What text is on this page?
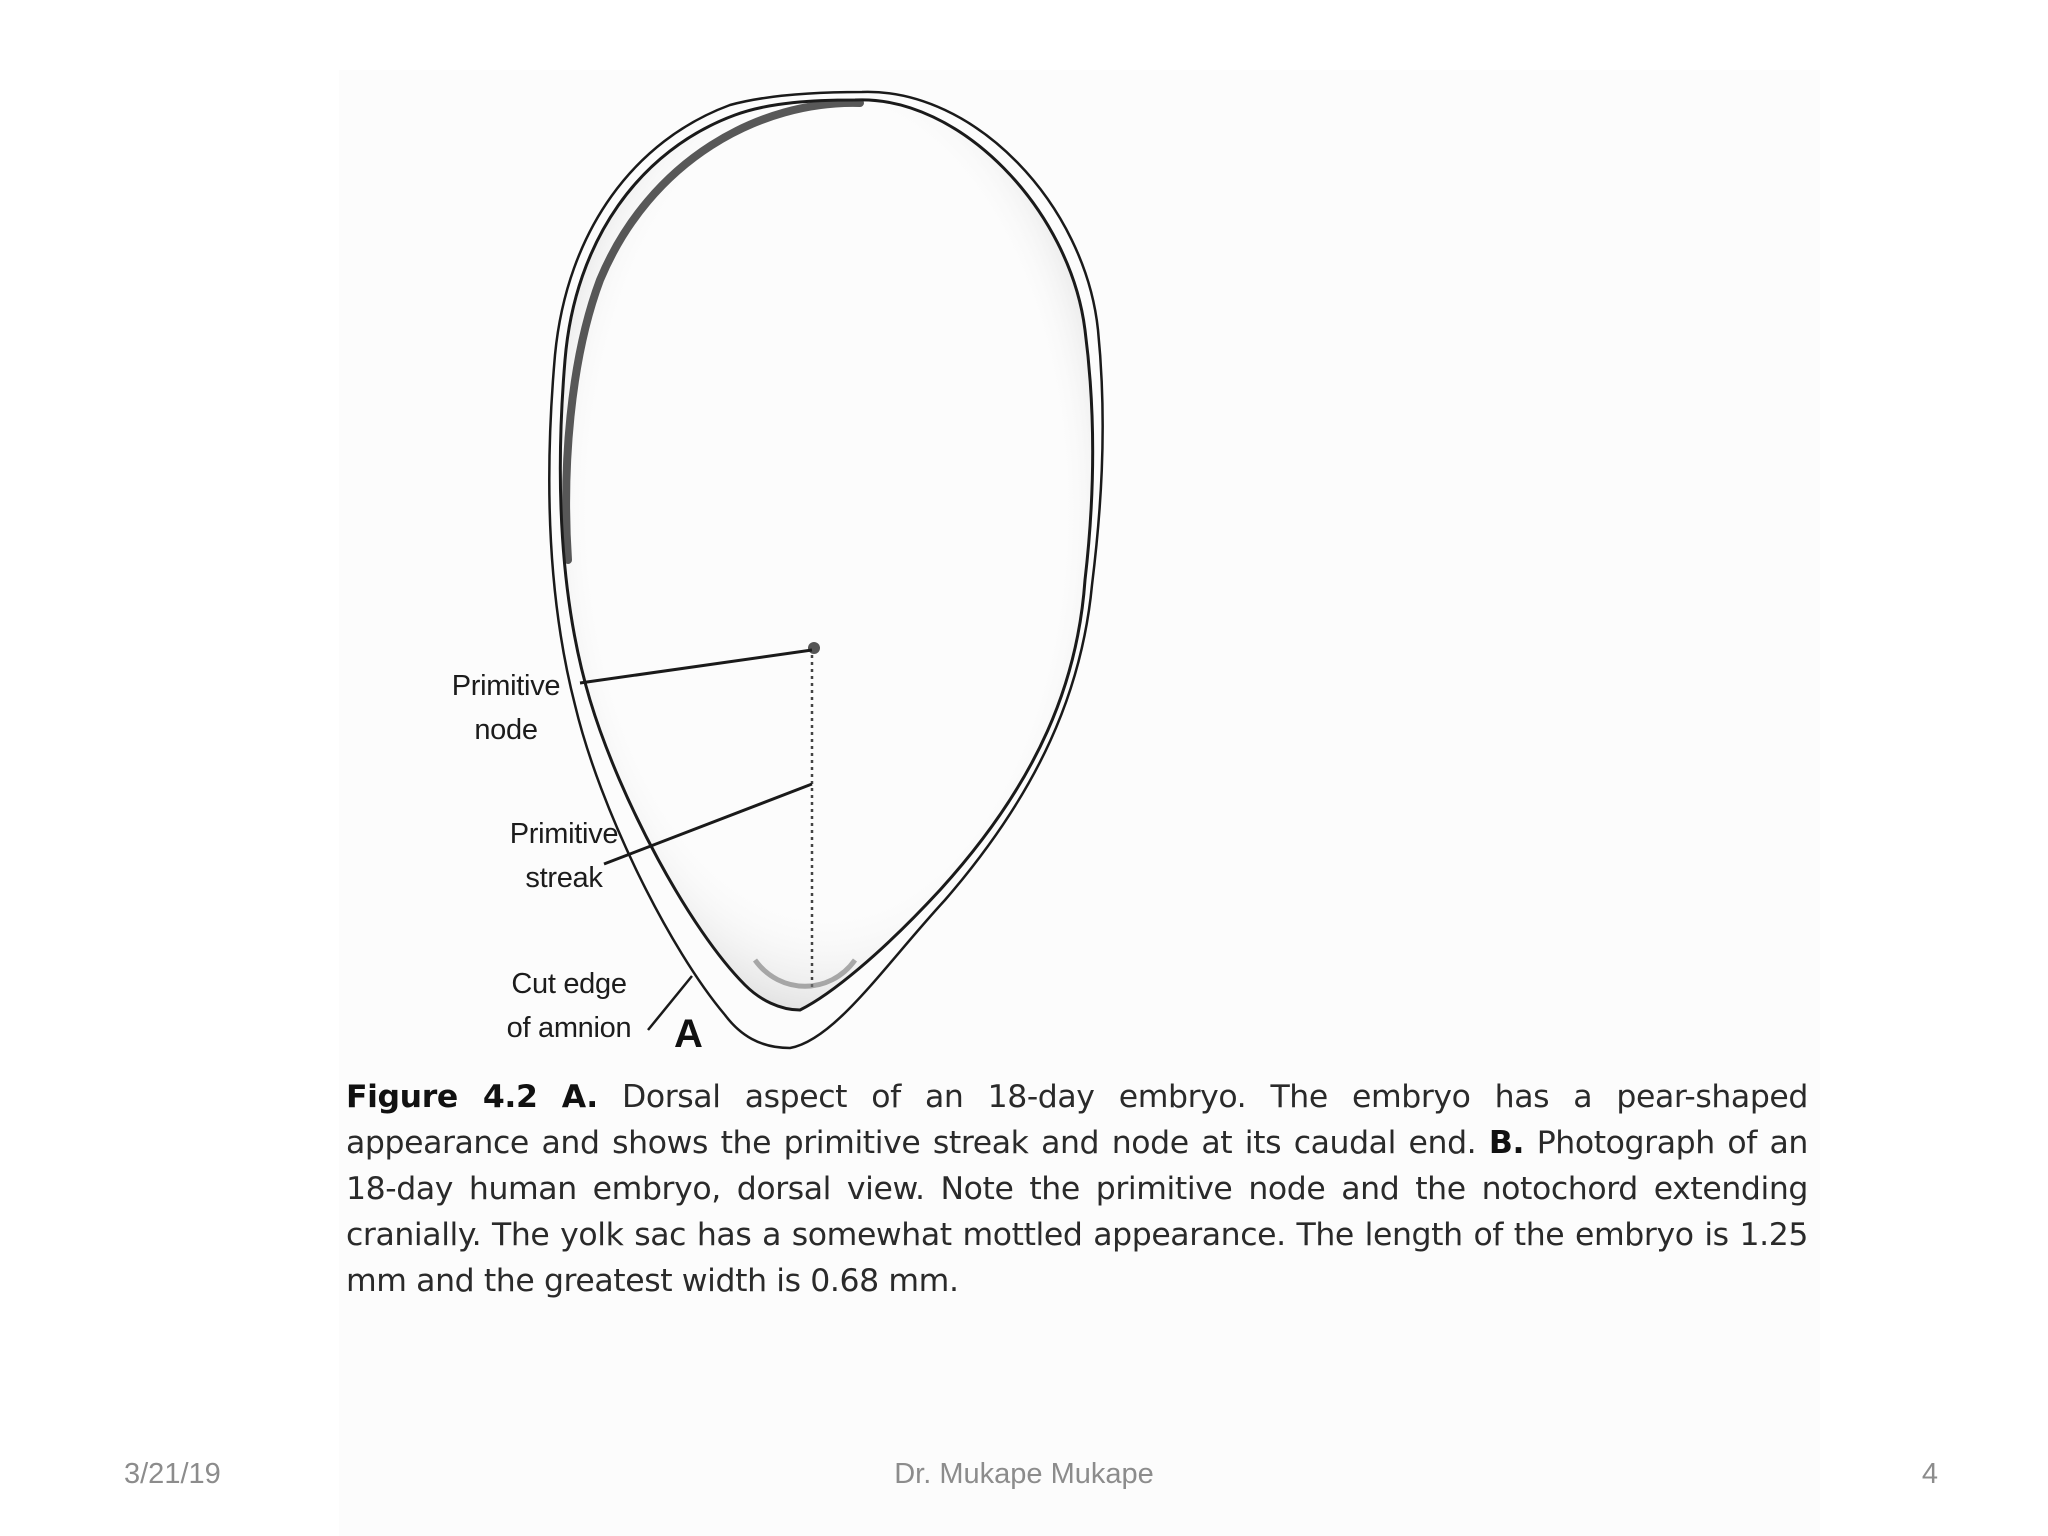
Primitive
node
Primitive
streak
Cut edge
of amnion	A
Figure 4.2 A. Dorsal aspect of an 18-day embryo. The embryo has a pear-shaped appearance and shows the primitive streak and node at its caudal end. B. Photograph of an 18-day human embryo, dorsal view. Note the primitive node and the notochord extending cranially. The yolk sac has a somewhat mottled appearance. The length of the embryo is 1.25 mm and the greatest width is 0.68 mm.
3/21/19	Dr. Mukape Mukape	4
